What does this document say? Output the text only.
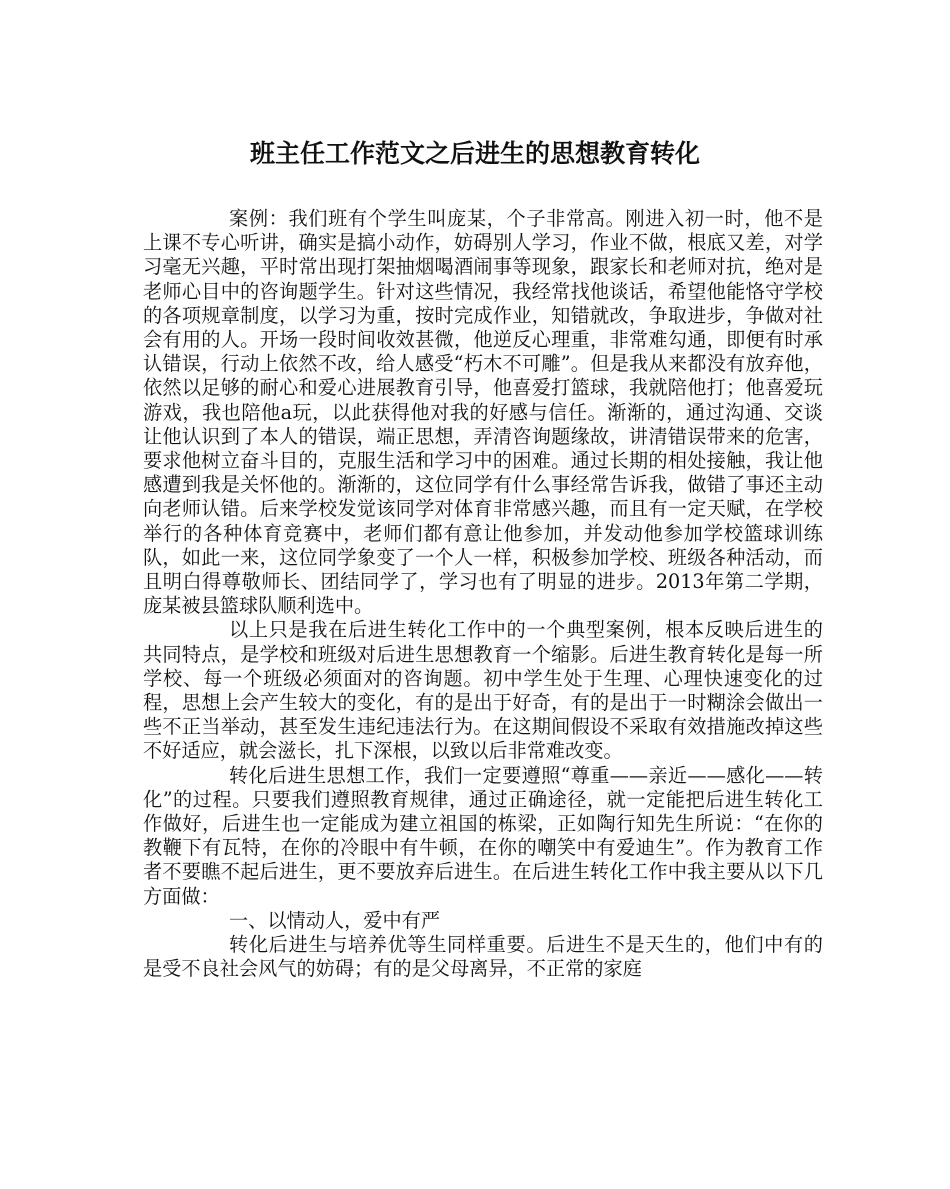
班主任工作范文之后进生的思想教育转化

案例：我们班有个学生叫庞某，个子非常高。刚进入初一时，他不是上课不专心听讲，确实是搞小动作，妨碍别人学习，作业不做，根底又差，对学习毫无兴趣，平时常出现打架抽烟喝酒闹事等现象，跟家长和老师对抗，绝对是老师心目中的咨询题学生。针对这些情况，我经常找他谈话，希望他能恪守学校的各项规章制度，以学习为重，按时完成作业，知错就改，争取进步，争做对社会有用的人。开场一段时间收效甚微，他逆反心理重，非常难勾通，即便有时承认错误，行动上依然不改，给人感受“朽木不可雕”。但是我从来都没有放弃他，依然以足够的耐心和爱心进展教育引导，他喜爱打篮球，我就陪他打；他喜爱玩游戏，我也陪他a玩，以此获得他对我的好感与信任。渐渐的，通过沟通、交谈让他认识到了本人的错误，端正思想，弄清咨询题缘故，讲清错误带来的危害，要求他树立奋斗目的，克服生活和学习中的困难。通过长期的相处接触，我让他感遭到我是关怀他的。渐渐的，这位同学有什么事经常告诉我，做错了事还主动向老师认错。后来学校发觉该同学对体育非常感兴趣，而且有一定天赋，在学校举行的各种体育竞赛中，老师们都有意让他参加，并发动他参加学校篮球训练队，如此一来，这位同学象变了一个人一样，积极参加学校、班级各种活动，而且明白得尊敬师长、团结同学了，学习也有了明显的进步。2013年第二学期，庞某被县篮球队顺利选中。

以上只是我在后进生转化工作中的一个典型案例，根本反映后进生的共同特点，是学校和班级对后进生思想教育一个缩影。后进生教育转化是每一所学校、每一个班级必须面对的咨询题。初中学生处于生理、心理快速变化的过程，思想上会产生较大的变化，有的是出于好奇，有的是出于一时糊涂会做出一些不正当举动，甚至发生违纪违法行为。在这期间假设不采取有效措施改掉这些不好适应，就会滋长，扎下深根，以致以后非常难改变。

转化后进生思想工作，我们一定要遵照“尊重——亲近——感化——转化”的过程。只要我们遵照教育规律，通过正确途径，就一定能把后进生转化工作做好，后进生也一定能成为建立祖国的栋梁，正如陶行知先生所说：“在你的教鞭下有瓦特，在你的冷眼中有牛顿，在你的嘲笑中有爱迪生”。作为教育工作者不要瞧不起后进生，更不要放弃后进生。在后进生转化工作中我主要从以下几方面做：

一、以情动人，爱中有严

转化后进生与培养优等生同样重要。后进生不是天生的，他们中有的是受不良社会风气的妨碍；有的是父母离异，不正常的家庭
